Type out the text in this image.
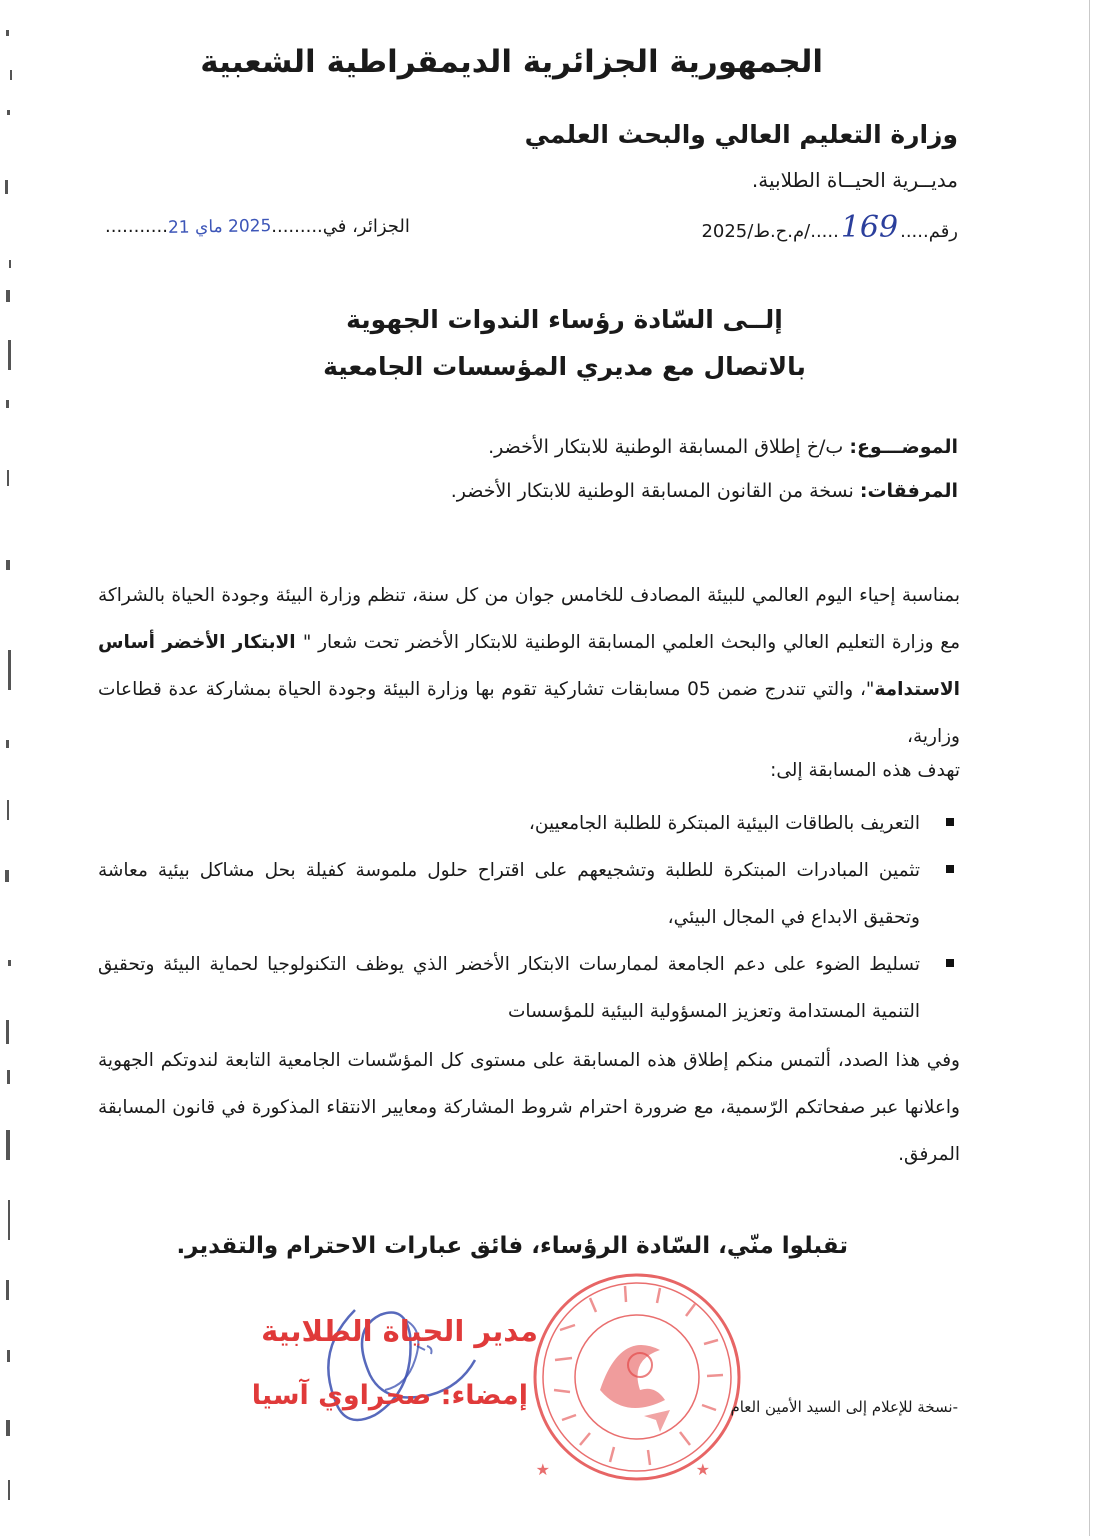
الجمهورية الجزائرية الديمقراطية الشعبية
وزارة التعليم العالي والبحث العلمي
مديــرية الحيــاة الطلابية.
رقم.....169...../م.ح.ط/2025
الجزائر، في.........2025 ماي 21...........
إلــى السّادة رؤساء الندوات الجهوية
بالاتصال مع مديري المؤسسات الجامعية
الموضـــوع: ب/خ إطلاق المسابقة الوطنية للابتكار الأخضر.
المرفقات: نسخة من القانون المسابقة الوطنية للابتكار الأخضر.
بمناسبة إحياء اليوم العالمي للبيئة المصادف للخامس جوان من كل سنة، تنظم وزارة البيئة وجودة الحياة بالشراكة مع وزارة التعليم العالي والبحث العلمي المسابقة الوطنية للابتكار الأخضر تحت شعار " الابتكار الأخضر أساس الاستدامة"، والتي تندرج ضمن 05 مسابقات تشاركية تقوم بها وزارة البيئة وجودة الحياة بمشاركة عدة قطاعات وزارية،
تهدف هذه المسابقة إلى:
التعريف بالطاقات البيئية المبتكرة للطلبة الجامعيين،
تثمين المبادرات المبتكرة للطلبة وتشجيعهم على اقتراح حلول ملموسة كفيلة بحل مشاكل بيئية معاشة وتحقيق الابداع في المجال البيئي،
تسليط الضوء على دعم الجامعة لممارسات الابتكار الأخضر الذي يوظف التكنولوجيا لحماية البيئة وتحقيق التنمية المستدامة وتعزيز المسؤولية البيئية للمؤسسات
وفي هذا الصدد، ألتمس منكم إطلاق هذه المسابقة على مستوى كل المؤسّسات الجامعية التابعة لندوتكم الجهوية واعلانها عبر صفحاتكم الرّسمية، مع ضرورة احترام شروط المشاركة ومعايير الانتقاء المذكورة في قانون المسابقة المرفق.
تقبلوا منّي، السّادة الرؤساء، فائق عبارات الاحترام والتقدير.
★	★
مدير الحياة الطلابية
إمضاء: صحراوي آسيا	-نسخة للإعلام إلى السيد الأمين العام
